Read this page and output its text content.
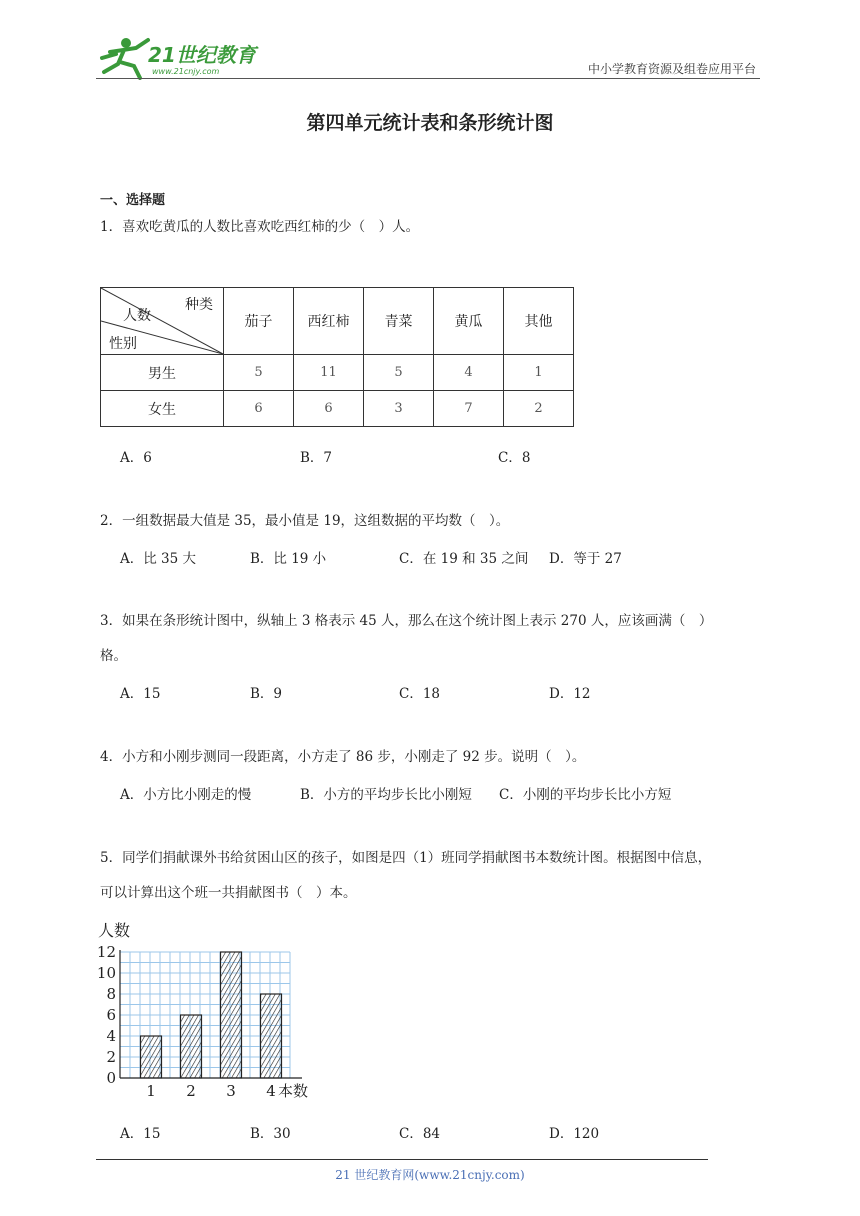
21世纪教育
www.21cnjy.com	中小学教育资源及组卷应用平台
第四单元统计表和条形统计图
一、选择题
1．喜欢吃黄瓜的人数比喜欢吃西红柿的少（　）人。
种类
人数
性别	茄子	西红柿	青菜	黄瓜	其他
男生	5	11	5	4	1
女生	6	6	3	7	2
A．6	B．7	C．8
2．一组数据最大值是 35，最小值是 19，这组数据的平均数（　）。
A．比 35 大	B．比 19 小	C．在 19 和 35 之间 D．等于 27
3．如果在条形统计图中，纵轴上 3 格表示 45 人，那么在这个统计图上表示 270 人，应该画满（　）
格。
A．15	B．9	C．18	D．12
4．小方和小刚步测同一段距离，小方走了 86 步，小刚走了 92 步。说明（　）。
A．小方比小刚走的慢	B．小方的平均步长比小刚短 C．小刚的平均步长比小方短
5．同学们捐献课外书给贫困山区的孩子，如图是四（1）班同学捐献图书本数统计图。根据图中信息，
可以计算出这个班一共捐献图书（　）本。
1 2 3 4
0
2
4
6
8
10
12
人数
本数
A．15	B．30	C．84	D．120
21 世纪教育网(www.21cnjy.com)
